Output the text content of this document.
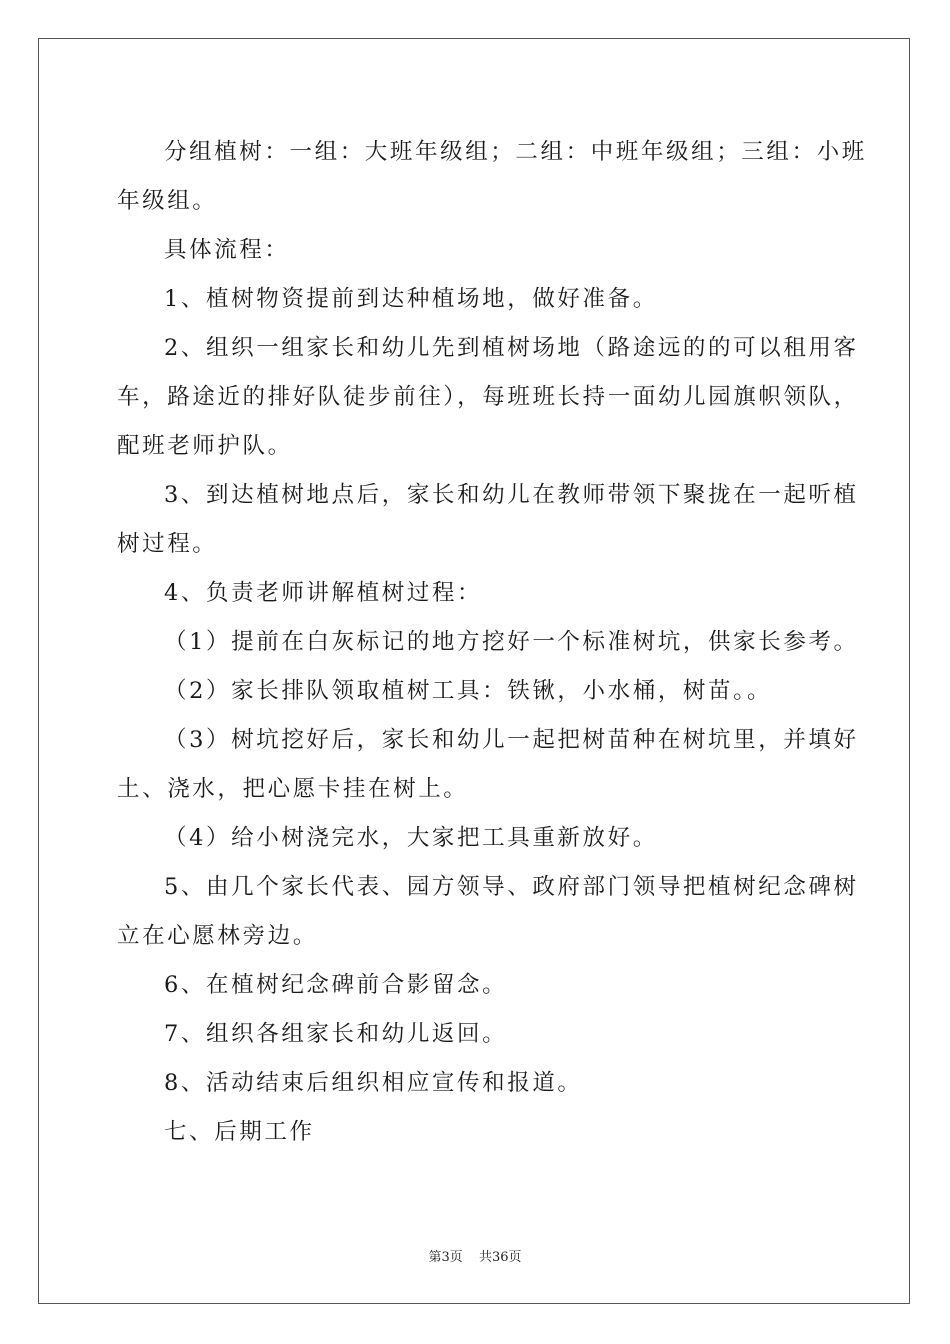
分组植树：一组：大班年级组；二组：中班年级组；三组：小班
年级组。
具体流程：
1、植树物资提前到达种植场地，做好准备。
2、组织一组家长和幼儿先到植树场地（路途远的的可以租用客
车，路途近的排好队徒步前往），每班班长持一面幼儿园旗帜领队，
配班老师护队。
3、到达植树地点后，家长和幼儿在教师带领下聚拢在一起听植
树过程。
4、负责老师讲解植树过程：
（1）提前在白灰标记的地方挖好一个标准树坑，供家长参考。
（2）家长排队领取植树工具：铁锹，小水桶，树苗。。
（3）树坑挖好后，家长和幼儿一起把树苗种在树坑里，并填好
土、浇水，把心愿卡挂在树上。
（4）给小树浇完水，大家把工具重新放好。
5、由几个家长代表、园方领导、政府部门领导把植树纪念碑树
立在心愿林旁边。
6、在植树纪念碑前合影留念。
7、组织各组家长和幼儿返回。
8、活动结束后组织相应宣传和报道。
七、后期工作
第3页 共36页
